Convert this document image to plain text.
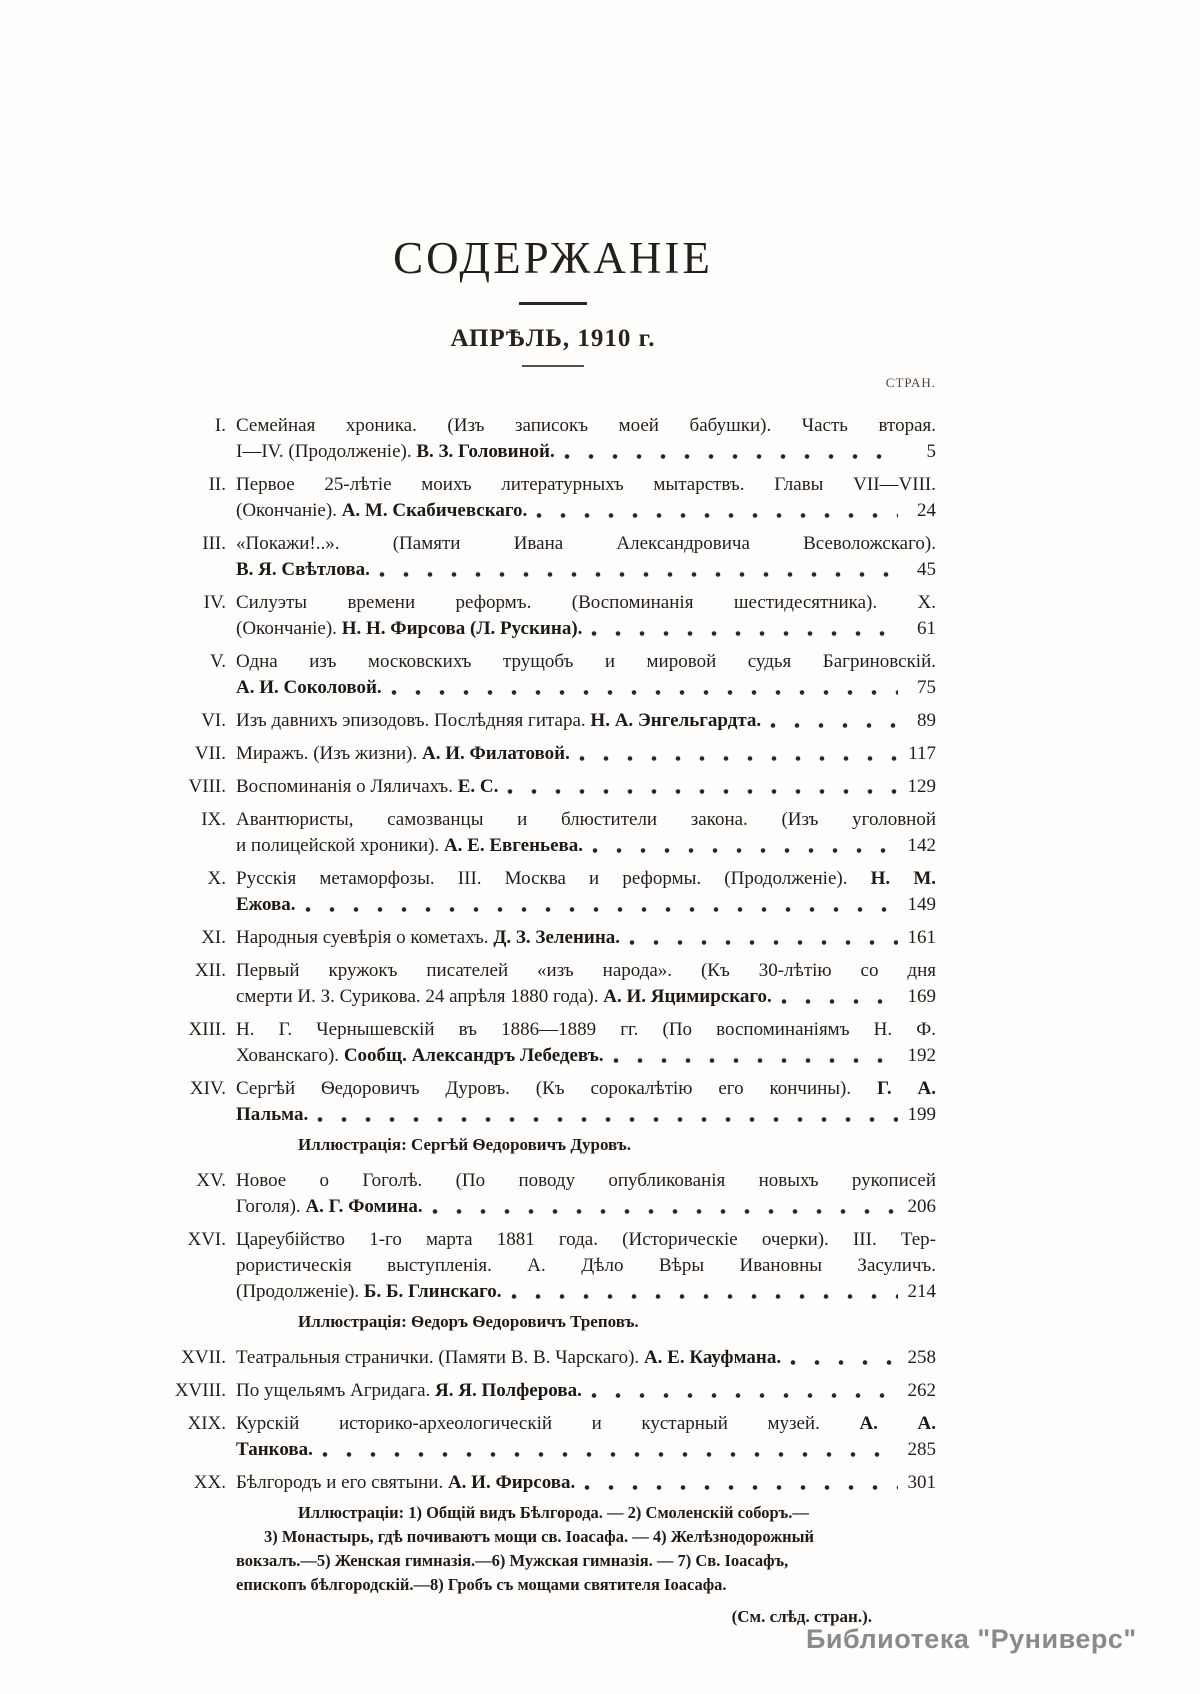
СОДЕРЖАНІЕ
АПРѢЛЬ, 1910 г.
СТРАН.
I. Семейная хроника. (Изъ записокъ моей бабушки). Часть вторая.
I—IV. (Продолженіе). В. З. Головиной.	5
II. Первое 25-лѣтіе моихъ литературныхъ мытарствъ. Главы VII—VIII.
(Окончаніе). А. М. Скабичевскаго.	24
III. «Покажи!..». (Памяти Ивана Александровича Всеволожскаго).
В. Я. Свѣтлова.	45
IV. Силуэты времени реформъ. (Воспоминанія шестидесятника). X.
(Окончаніе). Н. Н. Фирсова (Л. Рускина).	61
V. Одна изъ московскихъ трущобъ и мировой судья Багриновскій.
А. И. Соколовой.	75
VI. Изъ давнихъ эпизодовъ. Послѣдняя гитара. Н. А. Энгельгардта.	89
VII. Миражъ. (Изъ жизни). А. И. Филатовой.	117
VIII. Воспоминанія о Ляличахъ. Е. С.	129
IX. Авантюристы, самозванцы и блюстители закона. (Изъ уголовной
и полицейской хроники). А. Е. Евгеньева.	142
X. Русскія метаморфозы. III. Москва и реформы. (Продолженіе). Н. М.
Ежова.	149
XI. Народныя суевѣрія о кометахъ. Д. З. Зеленина.	161
XII. Первый кружокъ писателей «изъ народа». (Къ 30-лѣтію со дня
смерти И. З. Сурикова. 24 апрѣля 1880 года). А. И. Яцимирскаго.	169
XIII. Н. Г. Чернышевскій въ 1886—1889 гг. (По воспоминаніямъ Н. Ф.
Хованскаго). Сообщ. Александръ Лебедевъ.	192
XIV. Сергѣй Ѳедоровичъ Дуровъ. (Къ сорокалѣтію его кончины). Г. А.
Пальма.	199
Иллюстрація: Сергѣй Ѳедоровичъ Дуровъ.
XV. Новое о Гоголѣ. (По поводу опубликованія новыхъ рукописей
Гоголя). А. Г. Фомина.	206
XVI. Цареубійство 1-го марта 1881 года. (Историческіе очерки). III. Тер-
рористическія выступленія. А. Дѣло Вѣры Ивановны Засуличъ.
(Продолженіе). Б. Б. Глинскаго.	214
Иллюстрація: Ѳедоръ Ѳедоровичъ Треповъ.
XVII. Театральныя странички. (Памяти В. В. Чарскаго). А. Е. Кауфмана.	258
XVIII. По ущельямъ Агридага. Я. Я. Полферова.	262
XIX. Курскій историко-археологическій и кустарный музей. А. А.
Танкова.	285
XX. Бѣлгородъ и его святыни. А. И. Фирсова.	301
Иллюстраціи: 1) Общій видъ Бѣлгорода. — 2) Смоленскій соборъ.—
3) Монастырь, гдѣ почиваютъ мощи св. Іоасафа. — 4) Желѣзнодорожный
вокзалъ.—5) Женская гимназія.—6) Мужская гимназія. — 7) Св. Іоасафъ,
епископъ бѣлгородскій.—8) Гробъ съ мощами святителя Іоасафа.
(См. слѣд. стран.).
Библиотека "Руниверс"
